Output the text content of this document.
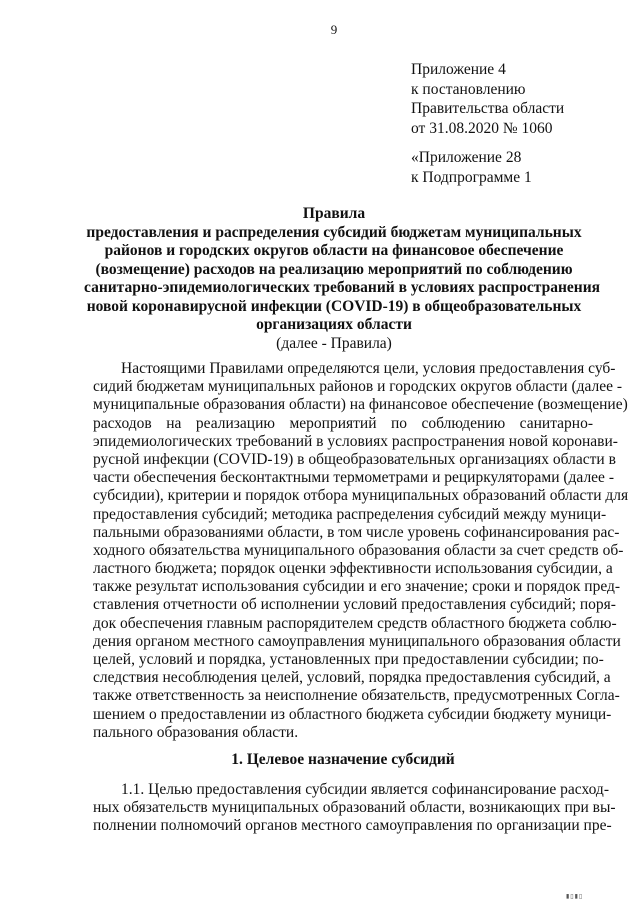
9
Приложение 4
к постановлению
Правительства области
от 31.08.2020 № 1060
«Приложение 28
к Подпрограмме 1
Правила
предоставления и распределения субсидий бюджетам муниципальных
районов и городских округов области на финансовое обеспечение
(возмещение) расходов на реализацию мероприятий по соблюдению
санитарно-эпидемиологических требований в условиях распространения
новой коронавирусной инфекции (COVID-19) в общеобразовательных
организациях области
(далее - Правила)
Настоящими Правилами определяются цели, условия предоставления суб-
сидий бюджетам муниципальных районов и городских округов области (далее -
муниципальные образования области) на финансовое обеспечение (возмещение)
расходов на реализацию мероприятий по соблюдению санитарно-
эпидемиологических требований в условиях распространения новой коронави-
русной инфекции (COVID-19) в общеобразовательных организациях области в
части обеспечения бесконтактными термометрами и рециркуляторами (далее -
субсидии), критерии и порядок отбора муниципальных образований области для
предоставления субсидий; методика распределения субсидий между муници-
пальными образованиями области, в том числе уровень софинансирования рас-
ходного обязательства муниципального образования области за счет средств об-
ластного бюджета; порядок оценки эффективности использования субсидии, а
также результат использования субсидии и его значение; сроки и порядок пред-
ставления отчетности об исполнении условий предоставления субсидий; поря-
док обеспечения главным распорядителем средств областного бюджета соблю-
дения органом местного самоуправления муниципального образования области
целей, условий и порядка, установленных при предоставлении субсидии; по-
следствия несоблюдения целей, условий, порядка предоставления субсидий, а
также ответственность за неисполнение обязательств, предусмотренных Согла-
шением о предоставлении из областного бюджета субсидии бюджету муници-
пального образования области.
1. Целевое назначение субсидий
1.1. Целью предоставления субсидии является софинансирование расход-
ных обязательств муниципальных образований области, возникающих при вы-
полнении полномочий органов местного самоуправления по организации пре-
▮▯▮▯
